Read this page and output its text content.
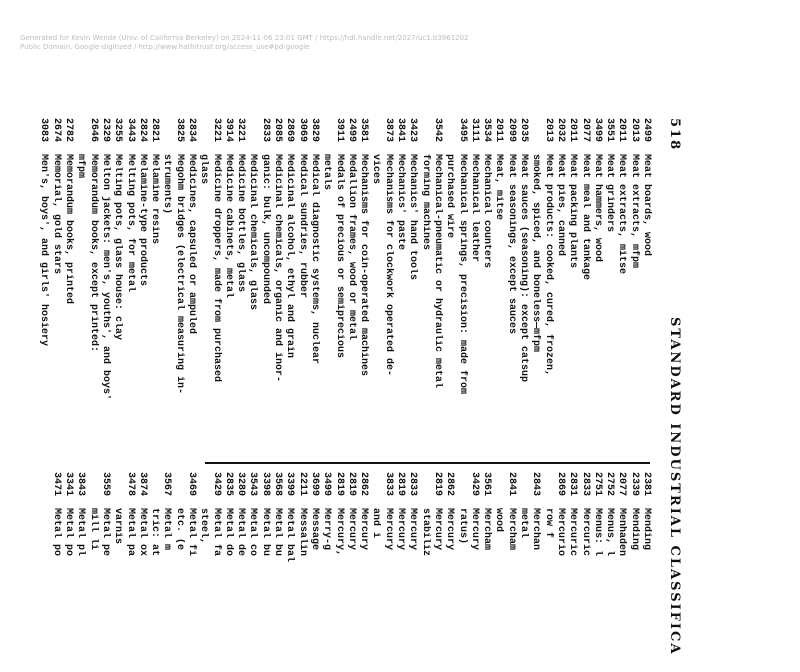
Generated for Kevin Wende (Univ. of California Berkeley) on 2024-11-06 23:01 GMT / https://hdl.handle.net/2027/uc1.b3961202
Public Domain, Google-digitized / http://www.hathitrust.org/access_use#pd-google
518
STANDARD INDUSTRIAL CLASSIFICA
2499
Meat boards, wood
2013
Meat extracts, mfpm
2011
Meat extracts, mitse
3551
Meat grinders
3499
Meat hammers, wood
2077
Meat meal and tankage
2011
Meat packing plants
2032
Meat pies, canned
2013
Meat products: cooked, cured, frozen,
smoked, spiced, and boneless—mfpm
2035
Meat sauces (seasoning): except catsup
2099
Meat seasonings, except sauces
2011
Meat, mitse
3534
Mechanical counters
3111
Mechanical leather
3495
Mechanical springs, precision: made from
purchased wire
3542
Mechanical-pneumatic or hydraulic metal
forming machines
3423
Mechanics' hand tools
3841
Mechanics' paste
3873
Mechanisms for clockwork operated de-
vices
3581
Mechanisms for coin-operated machines
2499
Medallion frames, wood or metal
3911
Medals of precious or semiprecious
metals
3829
Medical diagnostic systems, nuclear
3069
Medical sundries, rubber
2869
Medicinal alcohol, ethyl and grain
2085
Medicinal chemicals, organic and inor-
2833
ganic: bulk, uncompounded
Medicinal chemicals, glass
3221
Medicine bottles, glass
3914
Medicine cabinets, metal
3221
Medicine droppers, made from purchased
glass
2834
Medicines, capsuled or ampuled
3825
Megohm bridges (electrical measuring in-
struments)
2821
Melamine resins
2824
Melamine-type products
3443
Melting pots, for metal
3255
Melting pots, glass house: clay
2329
Melton jackets: men's, youths', and boys'
2646
Memorandum books, except printed:
mfpm
2782
Memorandum books, printed
2674
Memorial, gold stars
3083
Men's, boys', and girls' hosiery
2381
Mending
2339
Mending
2077
Menhaden
2752
Menus, l
2751
Menus: l
2833
Mercuric
2831
Mercuric
2869
Mercurio
row f
2843
Merchan
metal
2841
Mercham
wood
3561
Mercham
3429
Mercury
ratus)
2862
Mercury
2819
Mercury
stabiliz
2833
Mercury
2819
Mercury
3833
Mercury
and i
2862
Mercury
2819
Mercury
2819
Mercury,
3499
Merry-g
3699
Message
2211
Messalin
3399
Metal bal
3568
Metal bu
3398
Metal bu
3543
Metal co
3280
Metal de
2835
Metal do
3429
Metal fa
steel,
3469
Metal fi
etc. (e
3567
Metal m
tric: at
3874
Metal ox
3478
Metal pa
varnis
3559
Metal pe
mill li
3843
Metal pl
3341
Metal po
3471
Metal po
